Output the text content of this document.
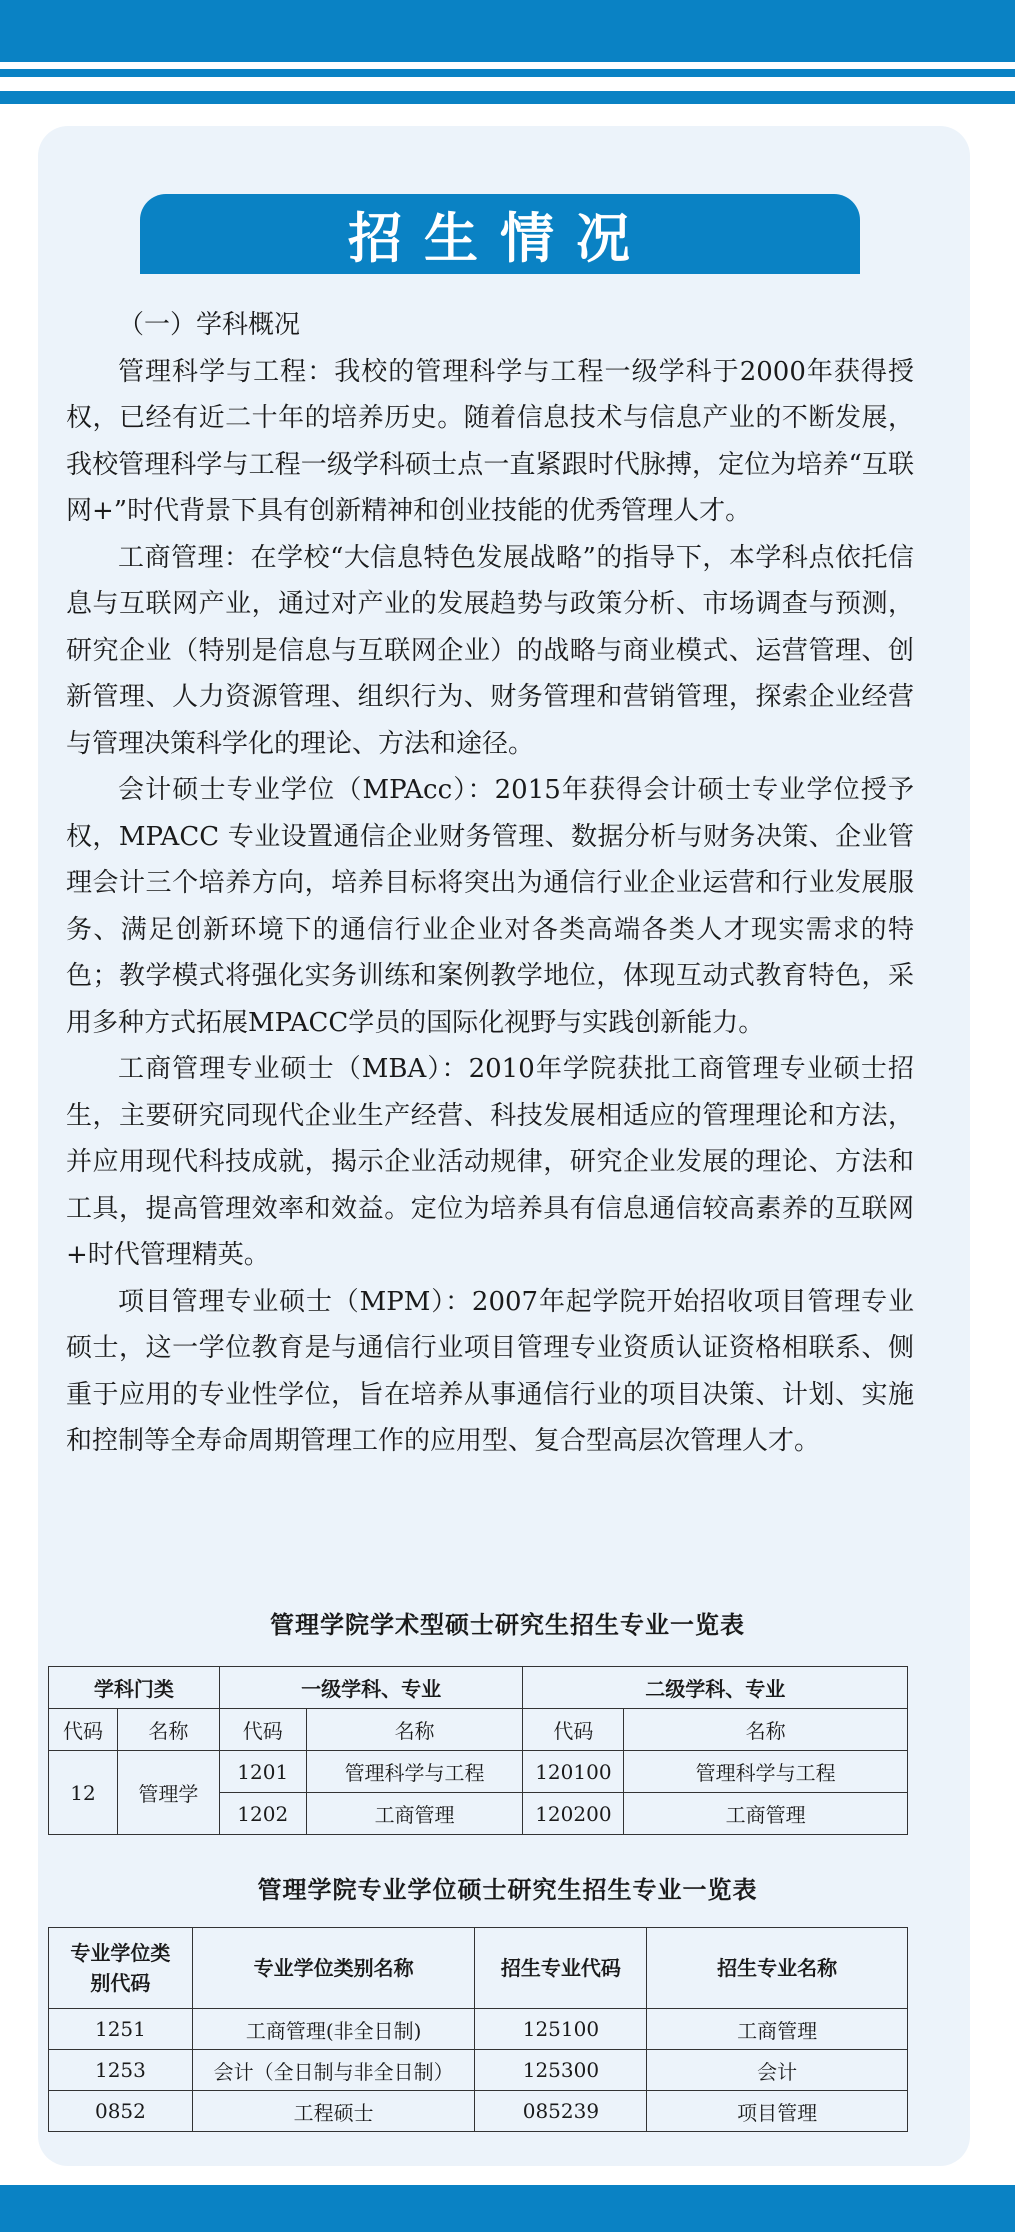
招生情况

（一）学科概况

管理科学与工程：我校的管理科学与工程一级学科于2000年获得授权，已经有近二十年的培养历史。随着信息技术与信息产业的不断发展，我校管理科学与工程一级学科硕士点一直紧跟时代脉搏，定位为培养“互联网+”时代背景下具有创新精神和创业技能的优秀管理人才。

工商管理：在学校“大信息特色发展战略”的指导下，本学科点依托信息与互联网产业，通过对产业的发展趋势与政策分析、市场调查与预测，研究企业（特别是信息与互联网企业）的战略与商业模式、运营管理、创新管理、人力资源管理、组织行为、财务管理和营销管理，探索企业经营与管理决策科学化的理论、方法和途径。

会计硕士专业学位（MPAcc）：2015年获得会计硕士专业学位授予权，MPACC 专业设置通信企业财务管理、数据分析与财务决策、企业管理会计三个培养方向，培养目标将突出为通信行业企业运营和行业发展服务、满足创新环境下的通信行业企业对各类高端各类人才现实需求的特色；教学模式将强化实务训练和案例教学地位，体现互动式教育特色，采用多种方式拓展MPACC学员的国际化视野与实践创新能力。

工商管理专业硕士（MBA）：2010年学院获批工商管理专业硕士招生，主要研究同现代企业生产经营、科技发展相适应的管理理论和方法，并应用现代科技成就，揭示企业活动规律，研究企业发展的理论、方法和工具，提高管理效率和效益。定位为培养具有信息通信较高素养的互联网+时代管理精英。

项目管理专业硕士（MPM）：2007年起学院开始招收项目管理专业硕士，这一学位教育是与通信行业项目管理专业资质认证资格相联系、侧重于应用的专业性学位，旨在培养从事通信行业的项目决策、计划、实施和控制等全寿命周期管理工作的应用型、复合型高层次管理人才。

管理学院学术型硕士研究生招生专业一览表
学科门类		一级学科、专业		二级学科、专业	
代码	名称	代码	名称	代码	名称
12	管理学	1201	管理科学与工程	120100	管理科学与工程
		1202	工商管理	120200	工商管理
管理学院专业学位硕士研究生招生专业一览表
专业学位类别代码	专业学位类别名称	招生专业代码	招生专业名称
1251	工商管理(非全日制)	125100	工商管理
1253	会计（全日制与非全日制）	125300	会计
0852	工程硕士	085239	项目管理
